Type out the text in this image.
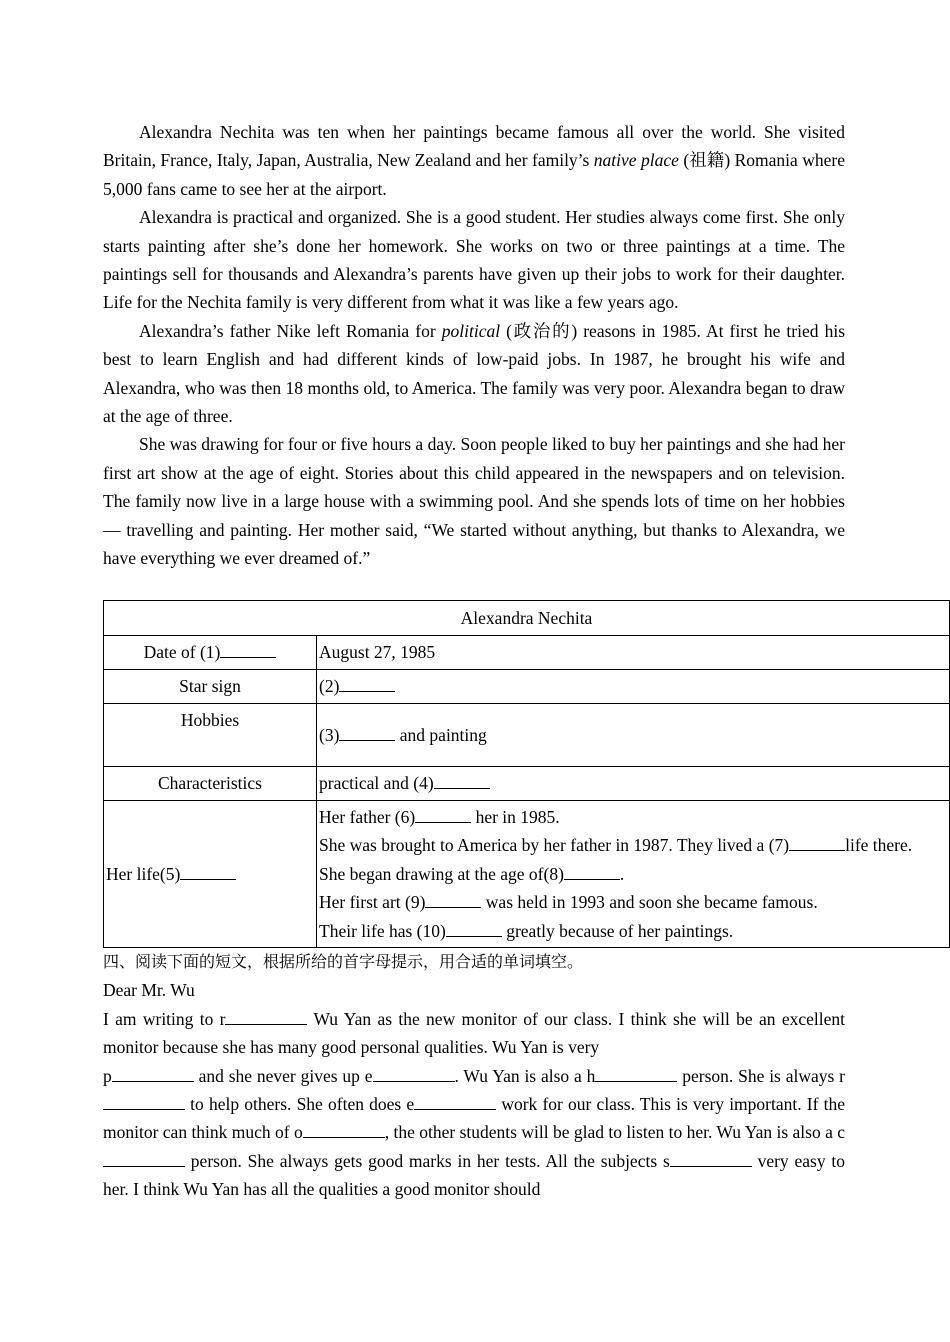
Alexandra Nechita was ten when her paintings became famous all over the world. She visited Britain, France, Italy, Japan, Australia, New Zealand and her family’s native place (祖籍) Romania where 5,000 fans came to see her at the airport.

Alexandra is practical and organized. She is a good student. Her studies always come first. She only starts painting after she’s done her homework. She works on two or three paintings at a time. The paintings sell for thousands and Alexandra’s parents have given up their jobs to work for their daughter. Life for the Nechita family is very different from what it was like a few years ago.

Alexandra’s father Nike left Romania for political (政治的) reasons in 1985. At first he tried his best to learn English and had different kinds of low-paid jobs. In 1987, he brought his wife and Alexandra, who was then 18 months old, to America. The family was very poor. Alexandra began to draw at the age of three.

She was drawing for four or five hours a day. Soon people liked to buy her paintings and she had her first art show at the age of eight. Stories about this child appeared in the newspapers and on television. The family now live in a large house with a swimming pool. And she spends lots of time on her hobbies — travelling and painting. Her mother said, “We started without anything, but thanks to Alexandra, we have everything we ever dreamed of.”

Alexandra Nechita	
Date of (1)	August 27, 1985
Star sign	(2)
Hobbies	(3) and painting
Characteristics	practical and (4)
Her life(5)	Her father (6) her in 1985.
She was brought to America by her father in 1987. They lived a (7) life there.
She began drawing at the age of(8) .
Her first art (9) was held in 1993 and soon she became famous.
Their life has (10) greatly because of her paintings.

四、阅读下面的短文，根据所给的首字母提示，用合适的单词填空。

Dear Mr. Wu

I am writing to r	Wu Yan as the new monitor of our class. I think she will be an excellent monitor because she has many good personal qualities. Wu Yan is very
p	and she never gives up e	. Wu Yan is also a h	person. She is always r to help others. She often does e	work for our class. This is very important. If the monitor can think much of o	, the other students will be glad to listen to her. Wu Yan is also a c person. She always gets good marks in her tests. All the subjects s	very easy to her. I think Wu Yan has all the qualities a good monitor should
